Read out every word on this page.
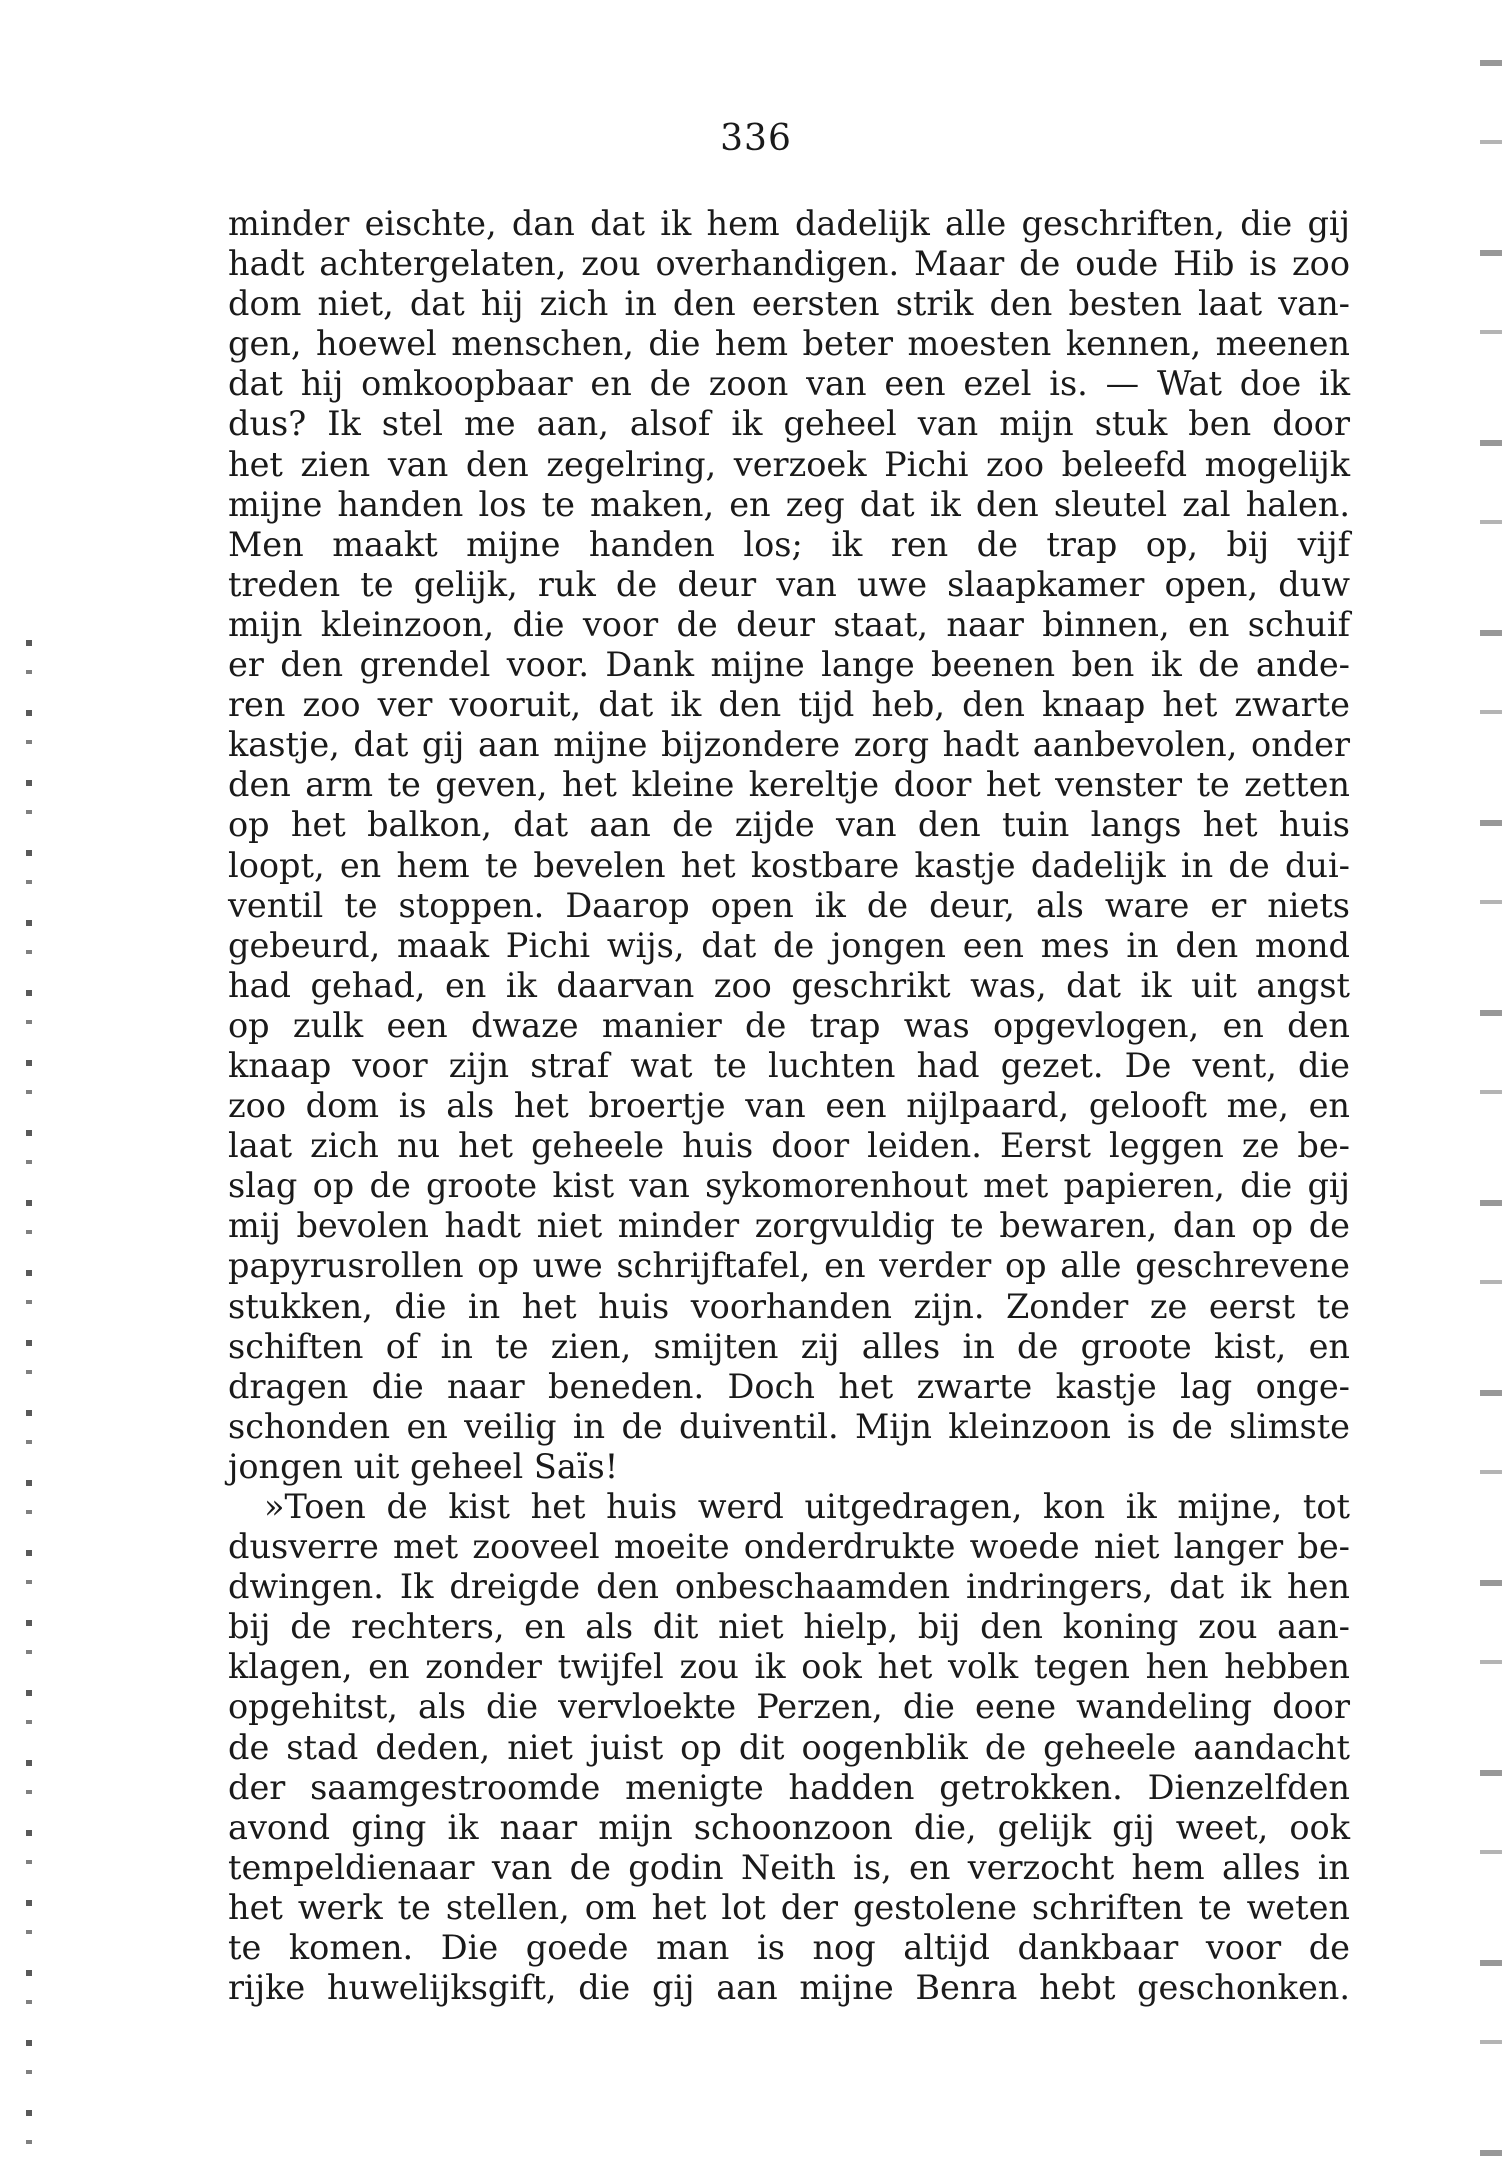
336
minder eischte, dan dat ik hem dadelijk alle geschriften, die gij
hadt achtergelaten, zou overhandigen. Maar de oude Hib is zoo
dom niet, dat hij zich in den eersten strik den besten laat van-
gen, hoewel menschen, die hem beter moesten kennen, meenen
dat hij omkoopbaar en de zoon van een ezel is. — Wat doe ik
dus? Ik stel me aan, alsof ik geheel van mijn stuk ben door
het zien van den zegelring, verzoek Pichi zoo beleefd mogelijk
mijne handen los te maken, en zeg dat ik den sleutel zal halen.
Men maakt mijne handen los; ik ren de trap op, bij vijf
treden te gelijk, ruk de deur van uwe slaapkamer open, duw
mijn kleinzoon, die voor de deur staat, naar binnen, en schuif
er den grendel voor. Dank mijne lange beenen ben ik de ande-
ren zoo ver vooruit, dat ik den tijd heb, den knaap het zwarte
kastje, dat gij aan mijne bijzondere zorg hadt aanbevolen, onder
den arm te geven, het kleine kereltje door het venster te zetten
op het balkon, dat aan de zijde van den tuin langs het huis
loopt, en hem te bevelen het kostbare kastje dadelijk in de dui-
ventil te stoppen. Daarop open ik de deur, als ware er niets
gebeurd, maak Pichi wijs, dat de jongen een mes in den mond
had gehad, en ik daarvan zoo geschrikt was, dat ik uit angst
op zulk een dwaze manier de trap was opgevlogen, en den
knaap voor zijn straf wat te luchten had gezet. De vent, die
zoo dom is als het broertje van een nijlpaard, gelooft me, en
laat zich nu het geheele huis door leiden. Eerst leggen ze be-
slag op de groote kist van sykomorenhout met papieren, die gij
mij bevolen hadt niet minder zorgvuldig te bewaren, dan op de
papyrusrollen op uwe schrijftafel, en verder op alle geschrevene
stukken, die in het huis voorhanden zijn. Zonder ze eerst te
schiften of in te zien, smijten zij alles in de groote kist, en
dragen die naar beneden. Doch het zwarte kastje lag onge-
schonden en veilig in de duiventil. Mijn kleinzoon is de slimste
jongen uit geheel Saïs!
»Toen de kist het huis werd uitgedragen, kon ik mijne, tot
dusverre met zooveel moeite onderdrukte woede niet langer be-
dwingen. Ik dreigde den onbeschaamden indringers, dat ik hen
bij de rechters, en als dit niet hielp, bij den koning zou aan-
klagen, en zonder twijfel zou ik ook het volk tegen hen hebben
opgehitst, als die vervloekte Perzen, die eene wandeling door
de stad deden, niet juist op dit oogenblik de geheele aandacht
der saamgestroomde menigte hadden getrokken. Dienzelfden
avond ging ik naar mijn schoonzoon die, gelijk gij weet, ook
tempeldienaar van de godin Neith is, en verzocht hem alles in
het werk te stellen, om het lot der gestolene schriften te weten
te komen. Die goede man is nog altijd dankbaar voor de
rijke huwelijksgift, die gij aan mijne Benra hebt geschonken.
